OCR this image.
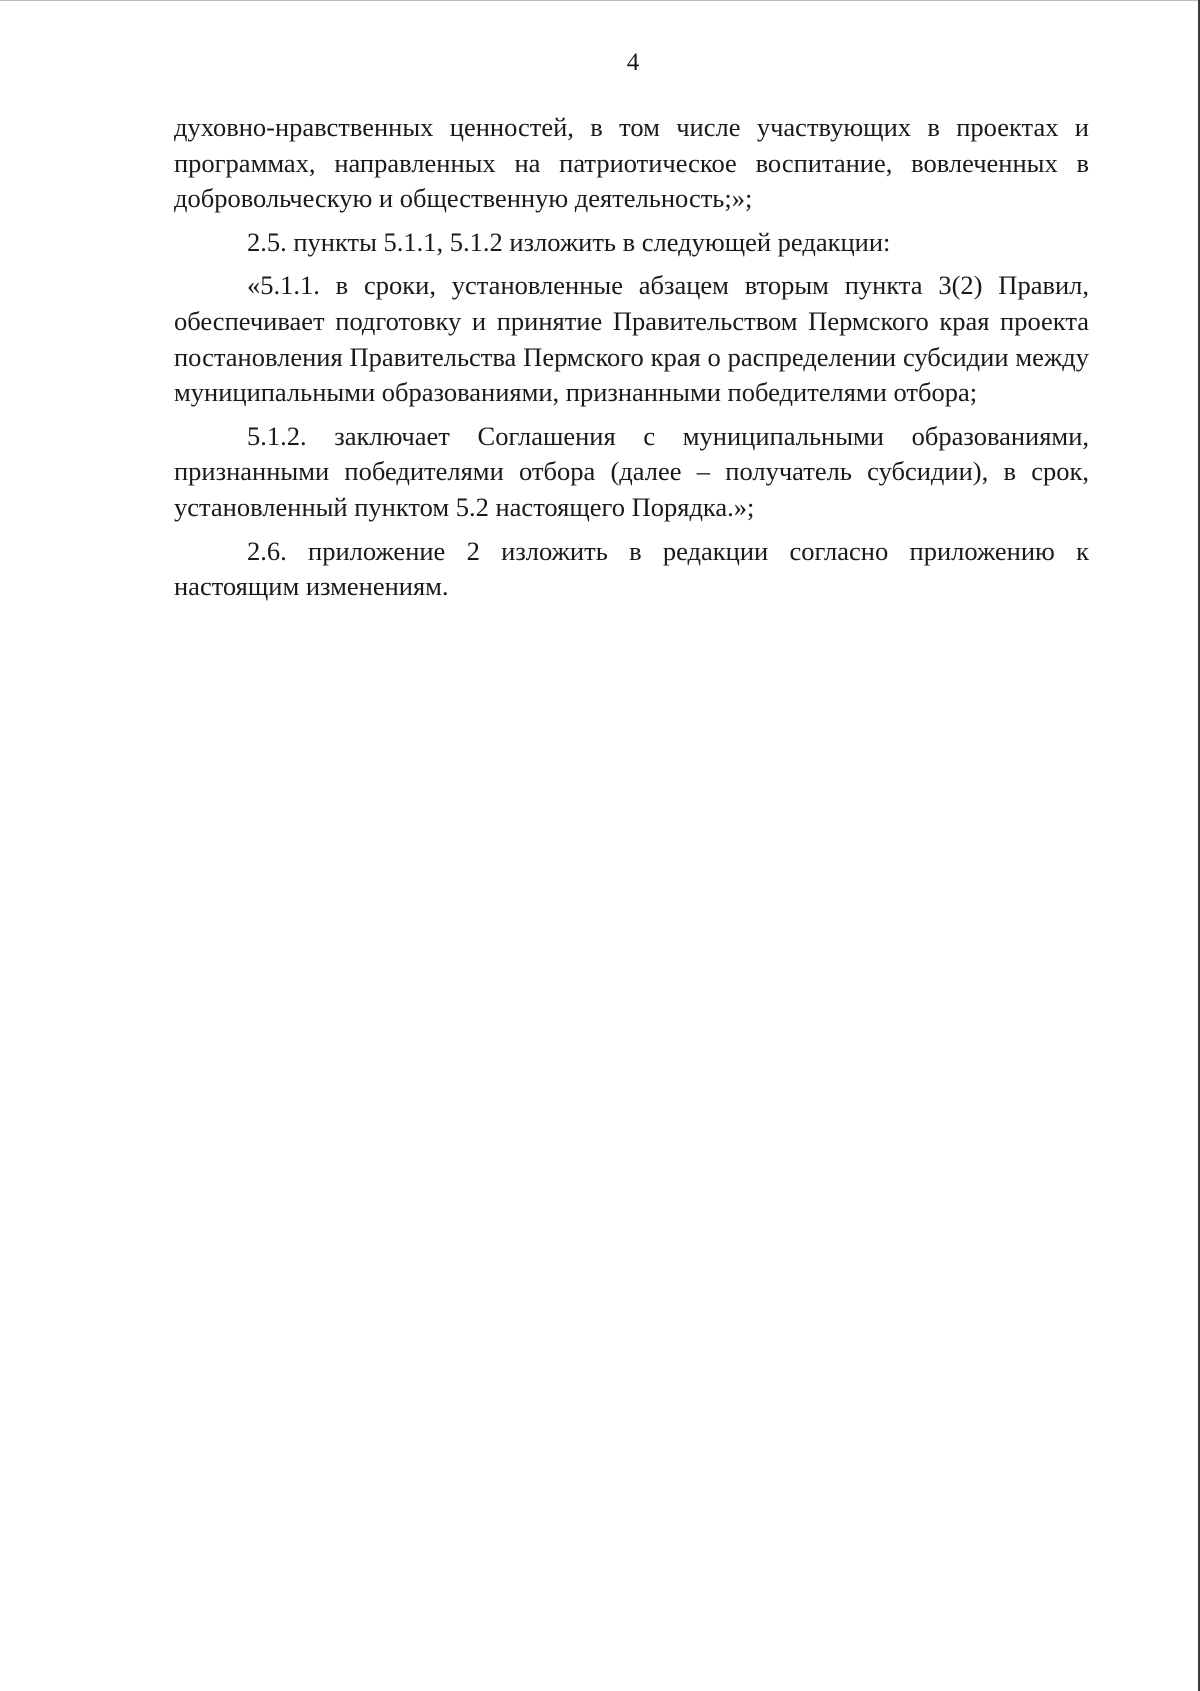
4

духовно-нравственных ценностей, в том числе участвующих в проектах и программах, направленных на патриотическое воспитание, вовлеченных в добровольческую и общественную деятельность;»;

2.5. пункты 5.1.1, 5.1.2 изложить в следующей редакции:

«5.1.1. в сроки, установленные абзацем вторым пункта 3(2) Правил, обеспечивает подготовку и принятие Правительством Пермского края проекта постановления Правительства Пермского края о распределении субсидии между муниципальными образованиями, признанными победителями отбора;

5.1.2. заключает Соглашения с муниципальными образованиями, признанными победителями отбора (далее – получатель субсидии), в срок, установленный пунктом 5.2 настоящего Порядка.»;

2.6. приложение 2 изложить в редакции согласно приложению к настоящим изменениям.
